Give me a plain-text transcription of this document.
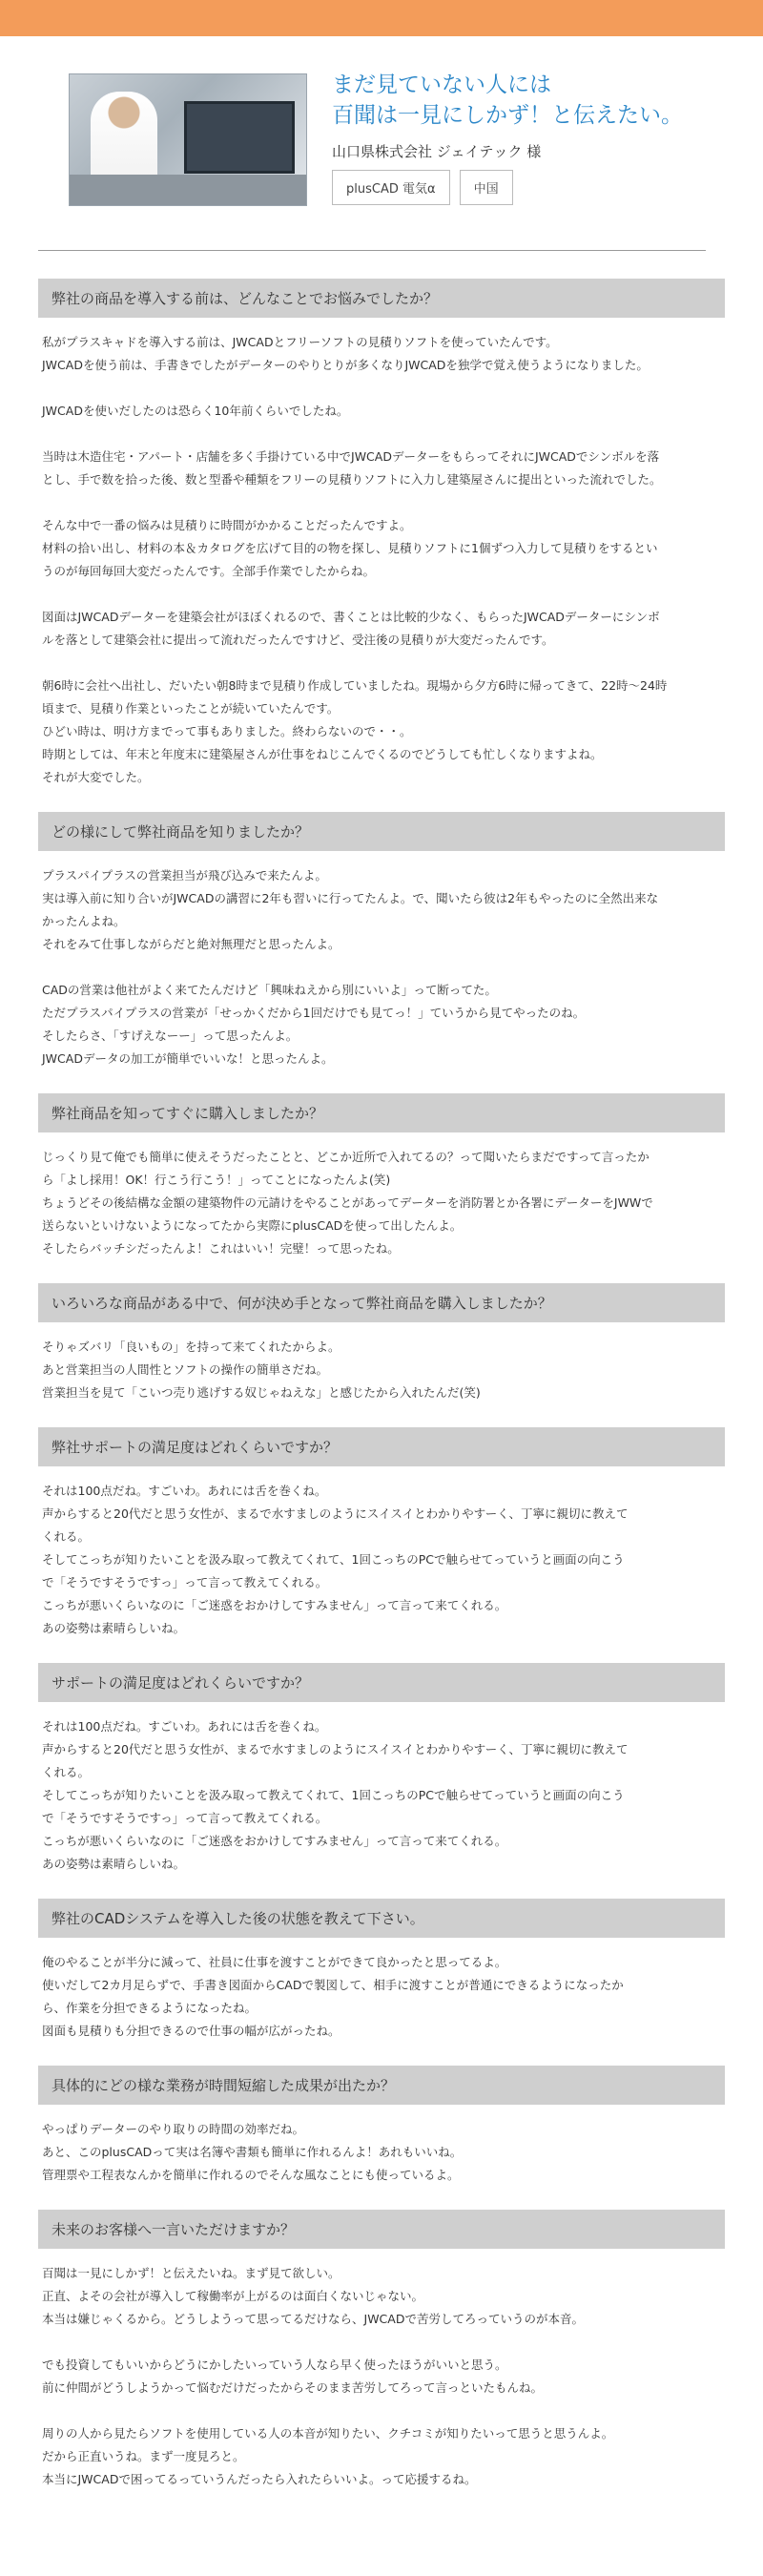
まだ見ていない人には
百聞は一見にしかず！と伝えたい。
山口県株式会社 ジェイテック 様
plusCAD 電気α	中国
弊社の商品を導入する前は、どんなことでお悩みでしたか？

私がプラスキャドを導入する前は、JWCADとフリーソフトの見積りソフトを使っていたんです。
JWCADを使う前は、手書きでしたがデーターのやりとりが多くなりJWCADを独学で覚え使うようになりました。

JWCADを使いだしたのは恐らく10年前くらいでしたね。

当時は木造住宅・アパート・店舗を多く手掛けている中でJWCADデーターをもらってそれにJWCADでシンボルを落
とし、手で数を拾った後、数と型番や種類をフリーの見積りソフトに入力し建築屋さんに提出といった流れでした。

そんな中で一番の悩みは見積りに時間がかかることだったんですよ。
材料の拾い出し、材料の本＆カタログを広げて目的の物を探し、見積りソフトに1個ずつ入力して見積りをするとい
うのが毎回毎回大変だったんです。全部手作業でしたからね。

図面はJWCADデーターを建築会社がほぼくれるので、書くことは比較的少なく、もらったJWCADデーターにシンボ
ルを落として建築会社に提出って流れだったんですけど、受注後の見積りが大変だったんです。

朝6時に会社へ出社し、だいたい朝8時まで見積り作成していましたね。現場から夕方6時に帰ってきて、22時〜24時
頃まで、見積り作業といったことが続いていたんです。
ひどい時は、明け方までって事もありました。終わらないので・・。
時期としては、年末と年度末に建築屋さんが仕事をねじこんでくるのでどうしても忙しくなりますよね。
それが大変でした。

どの様にして弊社商品を知りましたか？

プラスパイプラスの営業担当が飛び込みで来たんよ。
実は導入前に知り合いがJWCADの講習に2年も習いに行ってたんよ。で、聞いたら彼は2年もやったのに全然出来な
かったんよね。
それをみて仕事しながらだと絶対無理だと思ったんよ。

CADの営業は他社がよく来てたんだけど「興味ねえから別にいいよ」って断ってた。
ただプラスパイプラスの営業が「せっかくだから1回だけでも見てっ！」ていうから見てやったのね。
そしたらさ、「すげえなーー」って思ったんよ。
JWCADデータの加工が簡単でいいな！と思ったんよ。

弊社商品を知ってすぐに購入しましたか？

じっくり見て俺でも簡単に使えそうだったことと、どこか近所で入れてるの？って聞いたらまだですって言ったか
ら「よし採用！OK！行こう行こう！」ってことになったんよ(笑)
ちょうどその後結構な金額の建築物件の元請けをやることがあってデーターを消防署とか各署にデーターをJWWで
送らないといけないようになってたから実際にplusCADを使って出したんよ。
そしたらバッチシだったんよ！これはいい！完璧！って思ったね。

いろいろな商品がある中で、何が決め手となって弊社商品を購入しましたか？

そりゃズバリ「良いもの」を持って来てくれたからよ。
あと営業担当の人間性とソフトの操作の簡単さだね。
営業担当を見て「こいつ売り逃げする奴じゃねえな」と感じたから入れたんだ(笑)

弊社サポートの満足度はどれくらいですか？

それは100点だね。すごいわ。あれには舌を巻くね。
声からすると20代だと思う女性が、まるで水すましのようにスイスイとわかりやすーく、丁寧に親切に教えて
くれる。
そしてこっちが知りたいことを汲み取って教えてくれて、1回こっちのPCで触らせてっていうと画面の向こう
で「そうですそうですっ」って言って教えてくれる。
こっちが悪いくらいなのに「ご迷惑をおかけしてすみません」って言って来てくれる。
あの姿勢は素晴らしいね。

サポートの満足度はどれくらいですか？

それは100点だね。すごいわ。あれには舌を巻くね。
声からすると20代だと思う女性が、まるで水すましのようにスイスイとわかりやすーく、丁寧に親切に教えて
くれる。
そしてこっちが知りたいことを汲み取って教えてくれて、1回こっちのPCで触らせてっていうと画面の向こう
で「そうですそうですっ」って言って教えてくれる。
こっちが悪いくらいなのに「ご迷惑をおかけしてすみません」って言って来てくれる。
あの姿勢は素晴らしいね。

弊社のCADシステムを導入した後の状態を教えて下さい。

俺のやることが半分に減って、社員に仕事を渡すことができて良かったと思ってるよ。
使いだして2カ月足らずで、手書き図面からCADで製図して、相手に渡すことが普通にできるようになったか
ら、作業を分担できるようになったね。
図面も見積りも分担できるので仕事の幅が広がったね。

具体的にどの様な業務が時間短縮した成果が出たか？

やっぱりデーターのやり取りの時間の効率だね。
あと、このplusCADって実は名簿や書類も簡単に作れるんよ！あれもいいね。
管理票や工程表なんかを簡単に作れるのでそんな風なことにも使っているよ。

未来のお客様へ一言いただけますか？

百聞は一見にしかず！と伝えたいね。まず見て欲しい。
正直、よその会社が導入して稼働率が上がるのは面白くないじゃない。
本当は嫌じゃくるから。どうしようって思ってるだけなら、JWCADで苦労してろっていうのが本音。

でも投資してもいいからどうにかしたいっていう人なら早く使ったほうがいいと思う。
前に仲間がどうしようかって悩むだけだったからそのまま苦労してろって言っといたもんね。

周りの人から見たらソフトを使用している人の本音が知りたい、クチコミが知りたいって思うと思うんよ。
だから正直いうね。まず一度見ろと。
本当にJWCADで困ってるっていうんだったら入れたらいいよ。って応援するね。
